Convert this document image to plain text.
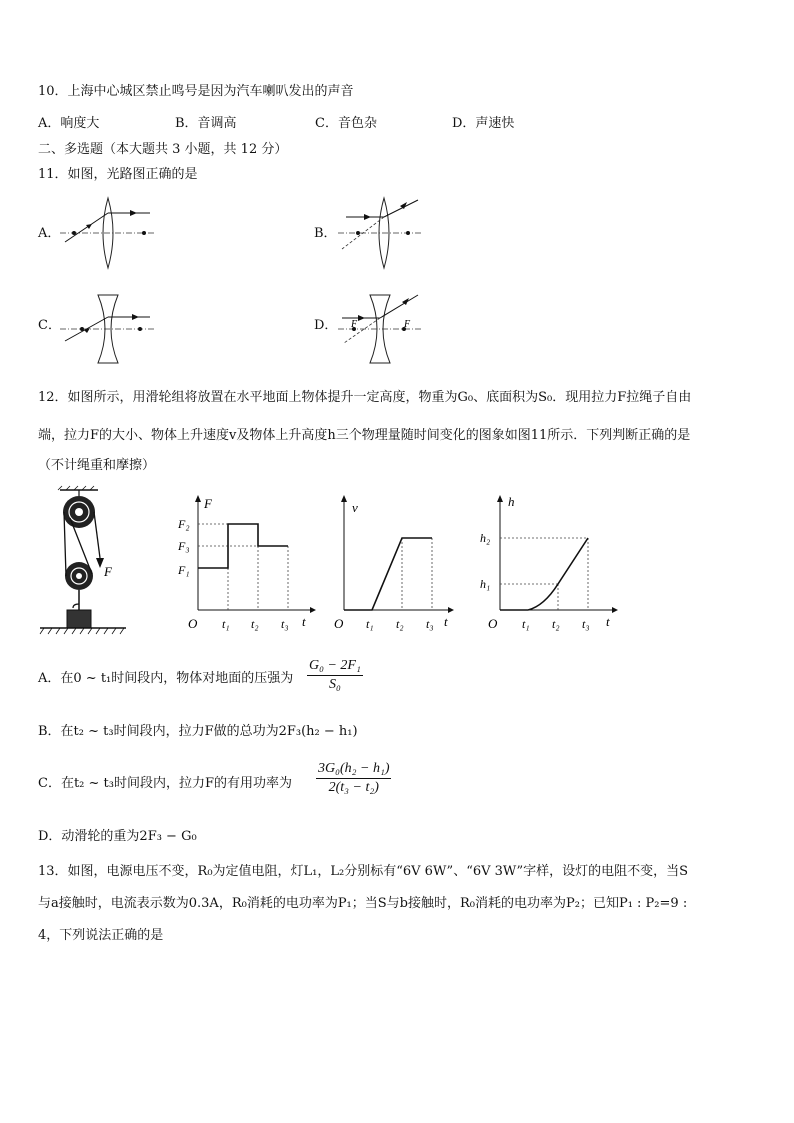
10．上海中心城区禁止鸣号是因为汽车喇叭发出的声音
A．响度大	B．音调高	C．音色杂	D．声速快
二、多选题（本大题共 3 小题，共 12 分）
11．如图，光路图正确的是
A．	B．
C．	D． F	F
12．如图所示，用滑轮组将放置在水平地面上物体提升一定高度，物重为G₀、底面积为S₀．现用拉力F拉绳子自由
端，拉力F的大小、物体上升速度v及物体上升高度h三个物理量随时间变化的图象如图11所示．下列判断正确的是
（不计绳重和摩擦）
F
F
F₂
F₃
F₁
O t₁ t₂ t₃ t
v
O t₁ t₂ t₃ t
h
h₂
h₁
O t₁ t₂ t₃ t
A．在0 ~ t₁时间段内，物体对地面的压强为 $\frac{\text{G₀ − 2F₁}}{\text{S₀}}$
B．在t₂ ~ t₃时间段内，拉力F做的总功为2F₃(h₂ − h₁)
C．在t₂ ~ t₃时间段内，拉力F的有用功率为 $\frac{\text{3G₀(h₂ − h₁)}}{\text{2(t₃ − t₂)}}$
D．动滑轮的重为2F₃ − G₀
13．如图，电源电压不变，R₀为定值电阻，灯L₁，L₂分别标有“6V 6W”、“6V 3W”字样，设灯的电阻不变，当S
与a接触时，电流表示数为0.3A，R₀消耗的电功率为P₁；当S与b接触时，R₀消耗的电功率为P₂；已知P₁ : P₂=9 :
4，下列说法正确的是
